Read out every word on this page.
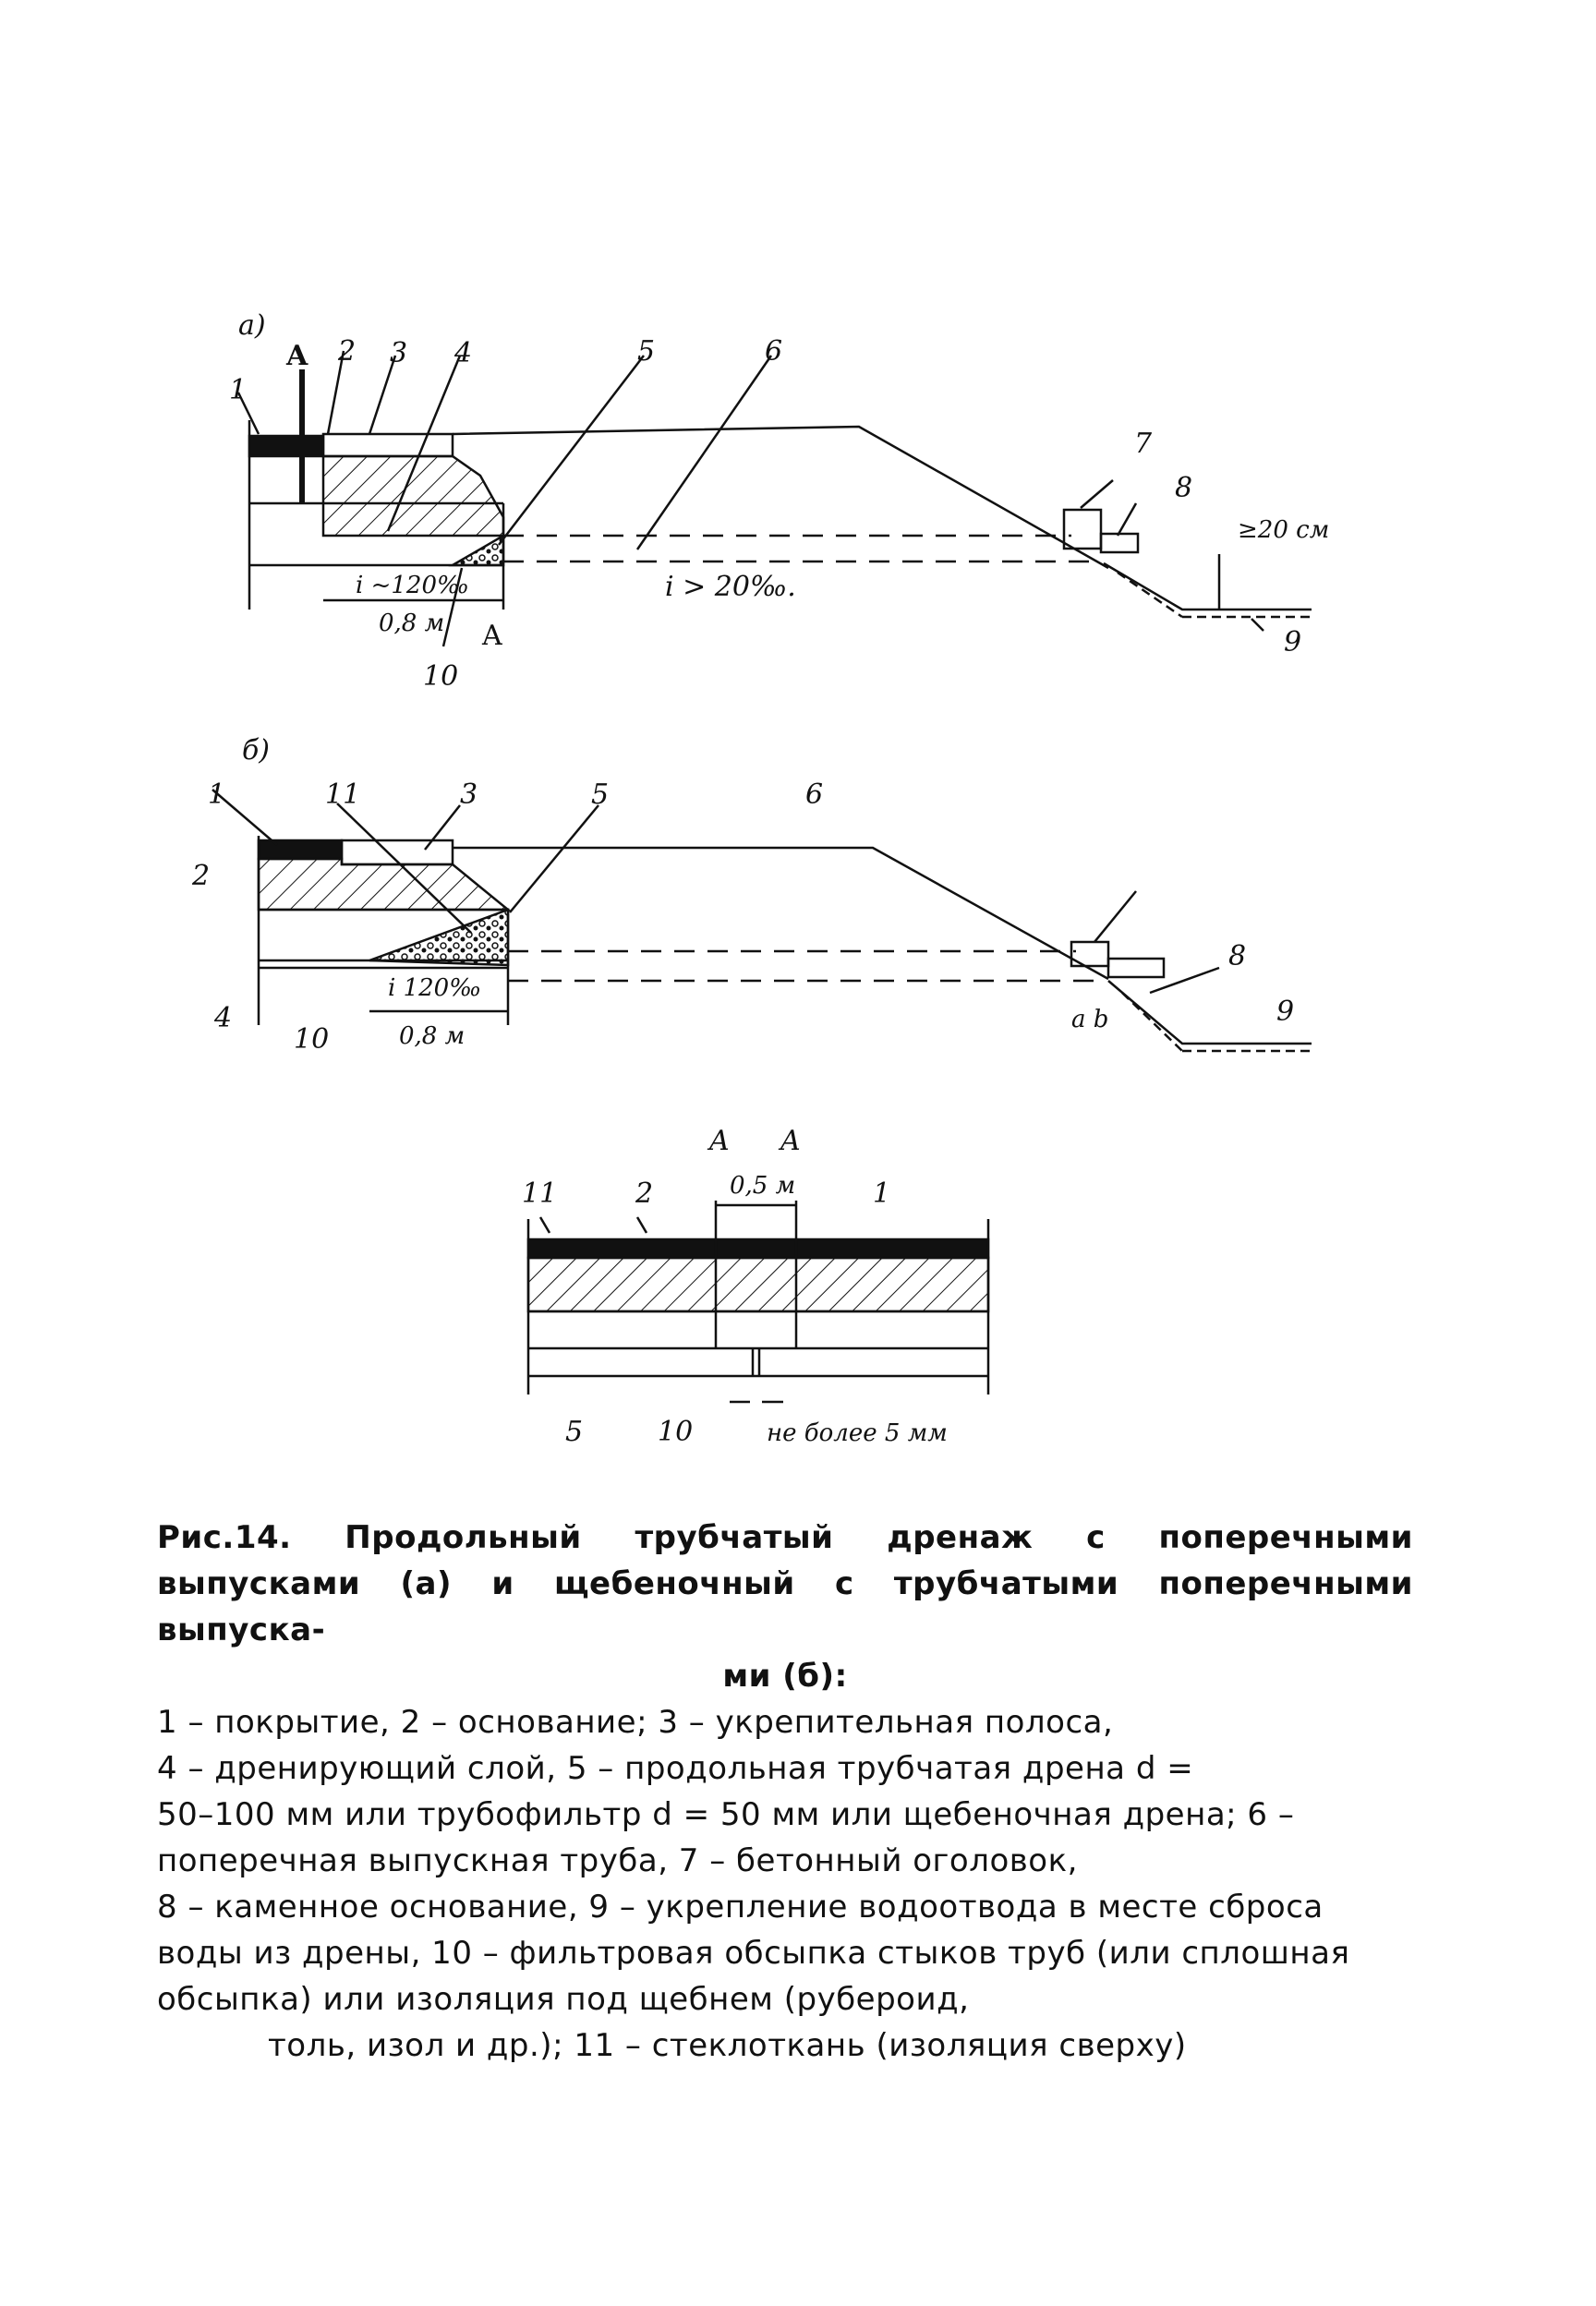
а)
1
2 3 4	5	6
7
8
9
10
A
A
i ~120‰	i > 20‰.
0,8 м
≥20 см
б)
1	11	3	5	6
2
4
10
8
9
i 120‰
0,8 м
a b
A A
11	2	1
5	10
0,5 м
не более 5 мм

Рис.14. Продольный трубчатый дренаж с поперечными выпусками (а) и щебеночный с трубчатыми поперечными выпуска-

ми (б):

1 – покрытие, 2 – основание; 3 – укрепительная полоса,

4 – дренирующий слой, 5 – продольная трубчатая дрена d =

50–100 мм или трубофильтр d = 50 мм или щебеночная дрена; 6 – поперечная выпускная труба, 7 – бетонный оголовок,

8 – каменное основание, 9 – укрепление водоотвода в месте сброса воды из дрены, 10 – фильтровая обсыпка стыков труб (или сплошная обсыпка) или изоляция под щебнем (рубероид,

толь, изол и др.); 11 – стеклоткань (изоляция сверху)
